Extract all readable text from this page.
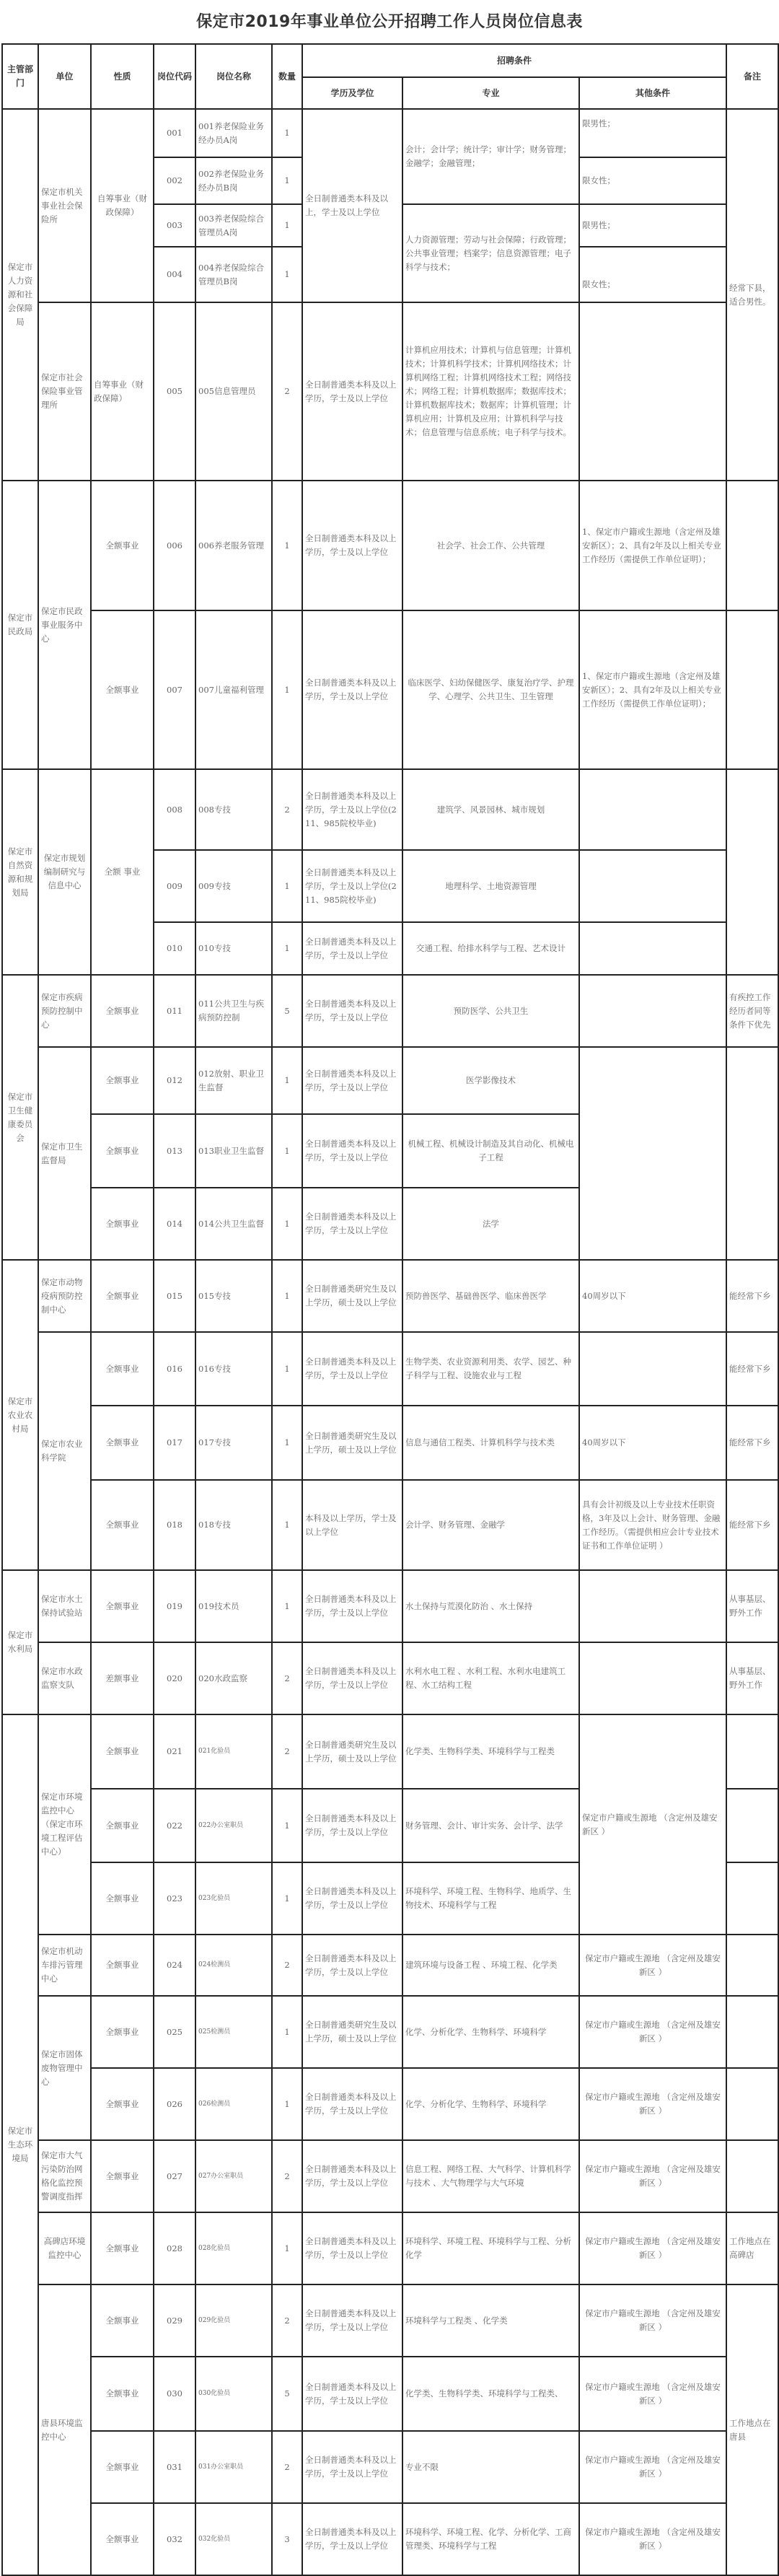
保定市2019年事业单位公开招聘工作人员岗位信息表
主管部门	单位	性质	岗位代码	岗位名称	数量	招聘条件			备注
						学历及学位	专业	其他条件	
保定市人力资源和社会保障局	保定市机关事业社会保险所	自筹事业（财政保障）	001	001养老保险业务经办员A岗	1	全日制普通类本科及以上，学士及以上学位	会计；会计学；统计学；审计学；财务管理；金融学；金融管理；	限男性；	经常下县，适合男性。
			002	002养老保险业务经办员B岗	1			限女性；	
			003	003养老保险综合管理员A岗	1		人力资源管理；劳动与社会保障；行政管理；公共事业管理；档案学；信息资源管理；电子科学与技术；	限男性；	
			004	004养老保险综合管理员B岗	1			限女性；	
	保定市社会保险事业管理所	自筹事业（财政保障）	005	005信息管理员	2	全日制普通类本科及以上学历，学士及以上学位	计算机应用技术；计算机与信息管理；计算机技术；计算机科学技术；计算机网络技术；计算机网络工程；计算机网络技术工程；网络技术；网络工程；计算机数据库；数据库技术；计算机数据库技术；数据库；计算机管理；计算机应用；计算机及应用；计算机科学与技术；信息管理与信息系统；电子科学与技术。		
保定市民政局	保定市民政事业服务中心	全额事业	006	006养老服务管理	1	全日制普通类本科及以上学历，学士及以上学位	社会学、社会工作、公共管理	1、保定市户籍或生源地（含定州及雄安新区）；2、具有2年及以上相关专业工作经历（需提供工作单位证明）；	
		全额事业	007	007儿童福利管理	1	全日制普通类本科及以上学历，学士及以上学位	临床医学、妇幼保健医学、康复治疗学、护理学、心理学、公共卫生、卫生管理	1、保定市户籍或生源地（含定州及雄安新区）；2、具有2年及以上相关专业工作经历（需提供工作单位证明）；	
保定市自然资源和规划局	保定市规划编制研究与信息中心	全额 事业	008	008专技	2	全日制普通类本科及以上学历，学士及以上学位(211、985院校毕业)	建筑学、风景园林、城市规划		
			009	009专技	1	全日制普通类本科及以上学历，学士及以上学位(211、985院校毕业)	地理科学、土地资源管理		
			010	010专技	1	全日制普通类本科及以上学历，学士及以上学位	交通工程、给排水科学与工程、艺术设计		
保定市卫生健康委员会	保定市疾病预防控制中心	全额事业	011	011公共卫生与疾病预防控制	5	全日制普通类本科及以上学历，学士及以上学位	预防医学、公共卫生		有疾控工作经历者同等条件下优先
	保定市卫生监督局	全额事业	012	012放射、职业卫生监督	1	全日制普通类本科及以上学历，学士及以上学位	医学影像技术		
		全额事业	013	013职业卫生监督	1	全日制普通类本科及以上学历，学士及以上学位	机械工程、机械设计制造及其自动化、机械电子工程		
		全额事业	014	014公共卫生监督	1	全日制普通类本科及以上学历，学士及以上学位	法学		
保定市农业农村局	保定市动物疫病预防控制中心	全额事业	015	015专技	1	全日制普通类研究生及以上学历，硕士及以上学位	预防兽医学、基础兽医学、临床兽医学	40周岁以下	能经常下乡
	保定市农业科学院	全额事业	016	016专技	1	全日制普通类本科及以上学历，学士及以上学位	生物学类、农业资源利用类、农学、园艺、种子科学与工程、设施农业与工程		能经常下乡
		全额事业	017	017专技	1	全日制普通类研究生及以上学历，硕士及以上学位	信息与通信工程类、计算机科学与技术类	40周岁以下	能经常下乡
		全额事业	018	018专技	1	本科及以上学历，学士及以上学位	会计学、财务管理、金融学	具有会计初级及以上专业技术任职资格，3年及以上会计、财务管理、金融工作经历。（需提供相应会计专业技术证书和工作单位证明 ）	能经常下乡
保定市水利局	保定市水土保持试验站	全额事业	019	019技术员	1	全日制普通类本科及以上学历，学士及以上学位	水土保持与荒漠化防治 、水土保持		从事基层、野外工作
	保定市水政监察支队	差额事业	020	020水政监察	2	全日制普通类本科及以上学历，学士及以上学位	水利水电工程 、水利工程、水利水电建筑工程、水工结构工程		从事基层、野外工作
保定市生态环境局	保定市环境监控中心（保定市环境工程评估中心）	全额事业	021	021化验员	2	全日制普通类研究生及以上学历，硕士及以上学位	化学类、生物科学类、环境科学与工程类	保定市户籍或生源地 （含定州及雄安新区 ）	
		全额事业	022	022办公室职员	1	全日制普通类本科及以上学历，学士及以上学位	财务管理、会计、审计实务、会计学、法学		
		全额事业	023	023化验员	1	全日制普通类本科及以上学历，学士及以上学位	环境科学、环境工程、生物科学、地质学、生物技术、环境科学与工程		
	保定市机动车排污管理中心	全额事业	024	024检测员	2	全日制普通类本科及以上学历，学士及以上学位	建筑环境与设备工程 、环境工程、化学类	保定市户籍或生源地 （含定州及雄安新区 ）	
	保定市固体废物管理中心	全额事业	025	025检测员	1	全日制普通类研究生及以上学历，硕士及以上学位	化学、分析化学、生物科学、环境科学	保定市户籍或生源地 （含定州及雄安新区 ）	
		全额事业	026	026检测员	1	全日制普通类本科及以上学历，学士及以上学位	化学、分析化学、生物科学、环境科学	保定市户籍或生源地 （含定州及雄安新区 ）	
	保定市大气污染防治网格化监控预警调度指挥	全额事业	027	027办公室职员	2	全日制普通类本科及以上学历，学士及以上学位	信息工程、网络工程、大气科学、计算机科学与技术 、大气物理学与大气环境	保定市户籍或生源地 （含定州及雄安新区 ）	
	高碑店环境监控中心	全额事业	028	028化验员	1	全日制普通类本科及以上学历，学士及以上学位	环境科学、环境工程、环境科学与工程、分析化学	保定市户籍或生源地 （含定州及雄安新区 ）	工作地点在高碑店
	唐县环境监控中心	全额事业	029	029化验员	2	全日制普通类本科及以上学历，学士及以上学位	环境科学与工程类 、化学类	保定市户籍或生源地 （含定州及雄安新区 ）	工作地点在唐县
		全额事业	030	030化验员	5	全日制普通类本科及以上学历，学士及以上学位	化学类、生物科学类、环境科学与工程类、	保定市户籍或生源地 （含定州及雄安新区 ）	
		全额事业	031	031办公室职员	2	全日制普通类本科及以上学历，学士及以上学位	专业不限	保定市户籍或生源地 （含定州及雄安新区 ）	
		全额事业	032	032化验员	3	全日制普通类本科及以上学历，学士及以上学位	环境科学、环境工程、化学、分析化学、工商管理类、环境科学与工程	保定市户籍或生源地 （含定州及雄安新区 ）	
